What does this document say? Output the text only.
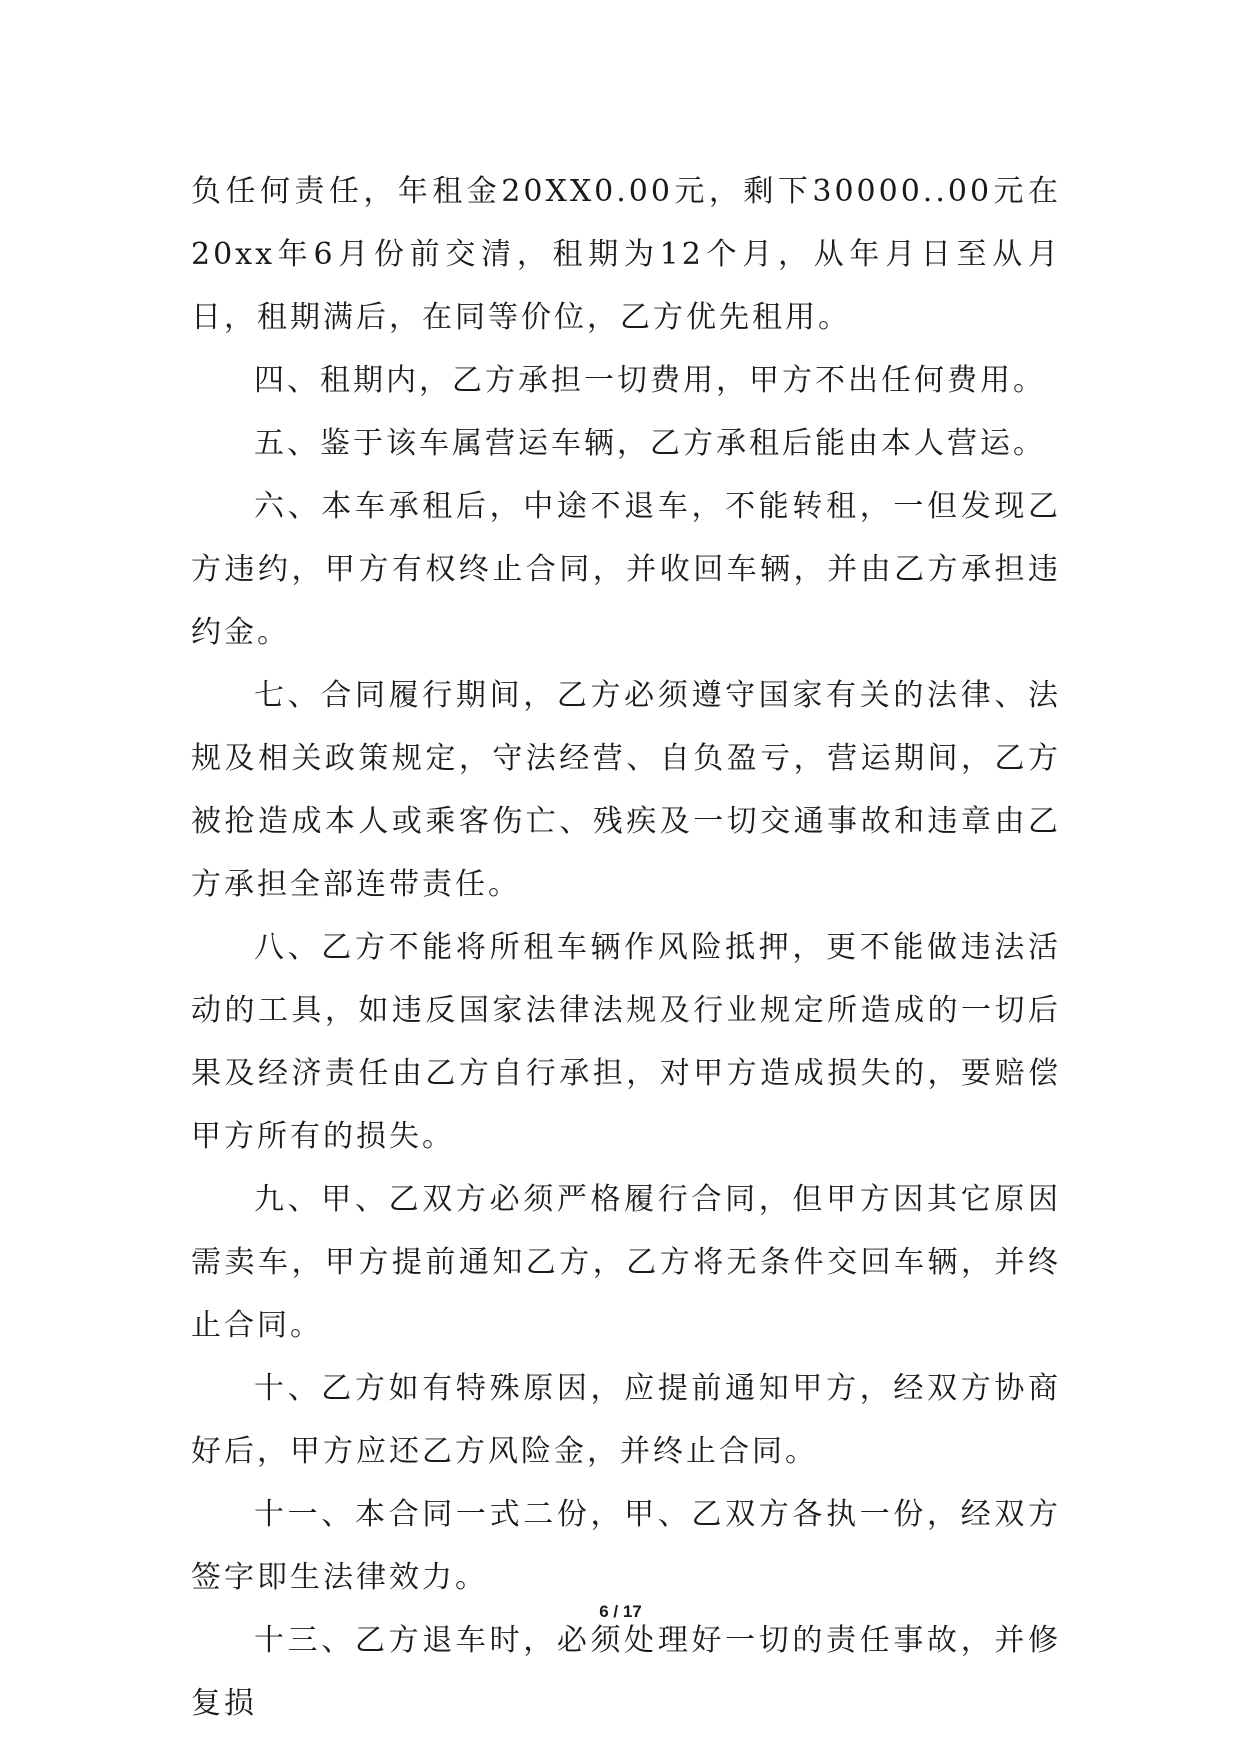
负任何责任，年租金20XX0.00元，剩下30000..00元在20xx年6月份前交清，租期为12个月，从年月日至从月 日，租期满后，在同等价位，乙方优先租用。

四、租期内，乙方承担一切费用，甲方不出任何费用。

五、鉴于该车属营运车辆，乙方承租后能由本人营运。

六、本车承租后，中途不退车，不能转租，一但发现乙方违约，甲方有权终止合同，并收回车辆，并由乙方承担违约金。

七、合同履行期间，乙方必须遵守国家有关的法律、法规及相关政策规定，守法经营、自负盈亏，营运期间，乙方被抢造成本人或乘客伤亡、残疾及一切交通事故和违章由乙方承担全部连带责任。

八、乙方不能将所租车辆作风险抵押，更不能做违法活动的工具，如违反国家法律法规及行业规定所造成的一切后果及经济责任由乙方自行承担，对甲方造成损失的，要赔偿甲方所有的损失。

九、甲、乙双方必须严格履行合同，但甲方因其它原因需卖车，甲方提前通知乙方，乙方将无条件交回车辆，并终止合同。

十、乙方如有特殊原因，应提前通知甲方，经双方协商好后，甲方应还乙方风险金，并终止合同。

十一、本合同一式二份，甲、乙双方各执一份，经双方签字即生法律效力。

十三、乙方退车时，必须处理好一切的责任事故，并修复损

6 / 17
